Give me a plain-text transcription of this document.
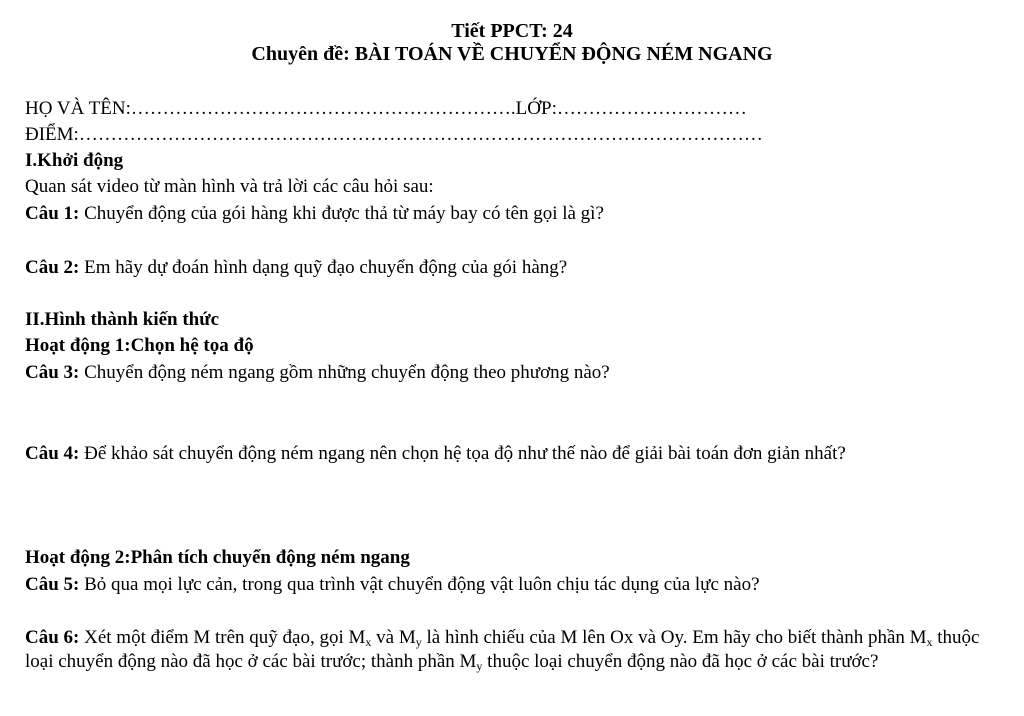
Tiết PPCT: 24
Chuyên đề: BÀI TOÁN VỀ CHUYỂN ĐỘNG NÉM NGANG
HỌ VÀ TÊN:…………………………………………………….LỚP:…………………………
ĐIỂM:………………………………………………………………………………………………
I.Khởi động
Quan sát video từ màn hình và trả lời các câu hỏi sau:
Câu 1: Chuyển động của gói hàng khi được thả từ máy bay có tên gọi là gì?
Câu 2: Em hãy dự đoán hình dạng quỹ đạo chuyển động của gói hàng?
II.Hình thành kiến thức
Hoạt động 1:Chọn hệ tọa độ
Câu 3: Chuyển động ném ngang gồm những chuyển động theo phương nào?
Câu 4: Để khảo sát chuyển động ném ngang nên chọn hệ tọa độ như thế nào để giải bài toán đơn giản nhất?
Hoạt động 2:Phân tích chuyển động ném ngang
Câu 5: Bỏ qua mọi lực cản, trong qua trình vật chuyển động vật luôn chịu tác dụng của lực nào?
Câu 6: Xét một điểm M trên quỹ đạo, gọi $M_x$ và $M_y$ là hình chiếu của M lên Ox và Oy. Em hãy cho biết thành phần $M_x$ thuộc loại chuyển động nào đã học ở các bài trước; thành phần $M_y$ thuộc loại chuyển động nào đã học ở các bài trước?
